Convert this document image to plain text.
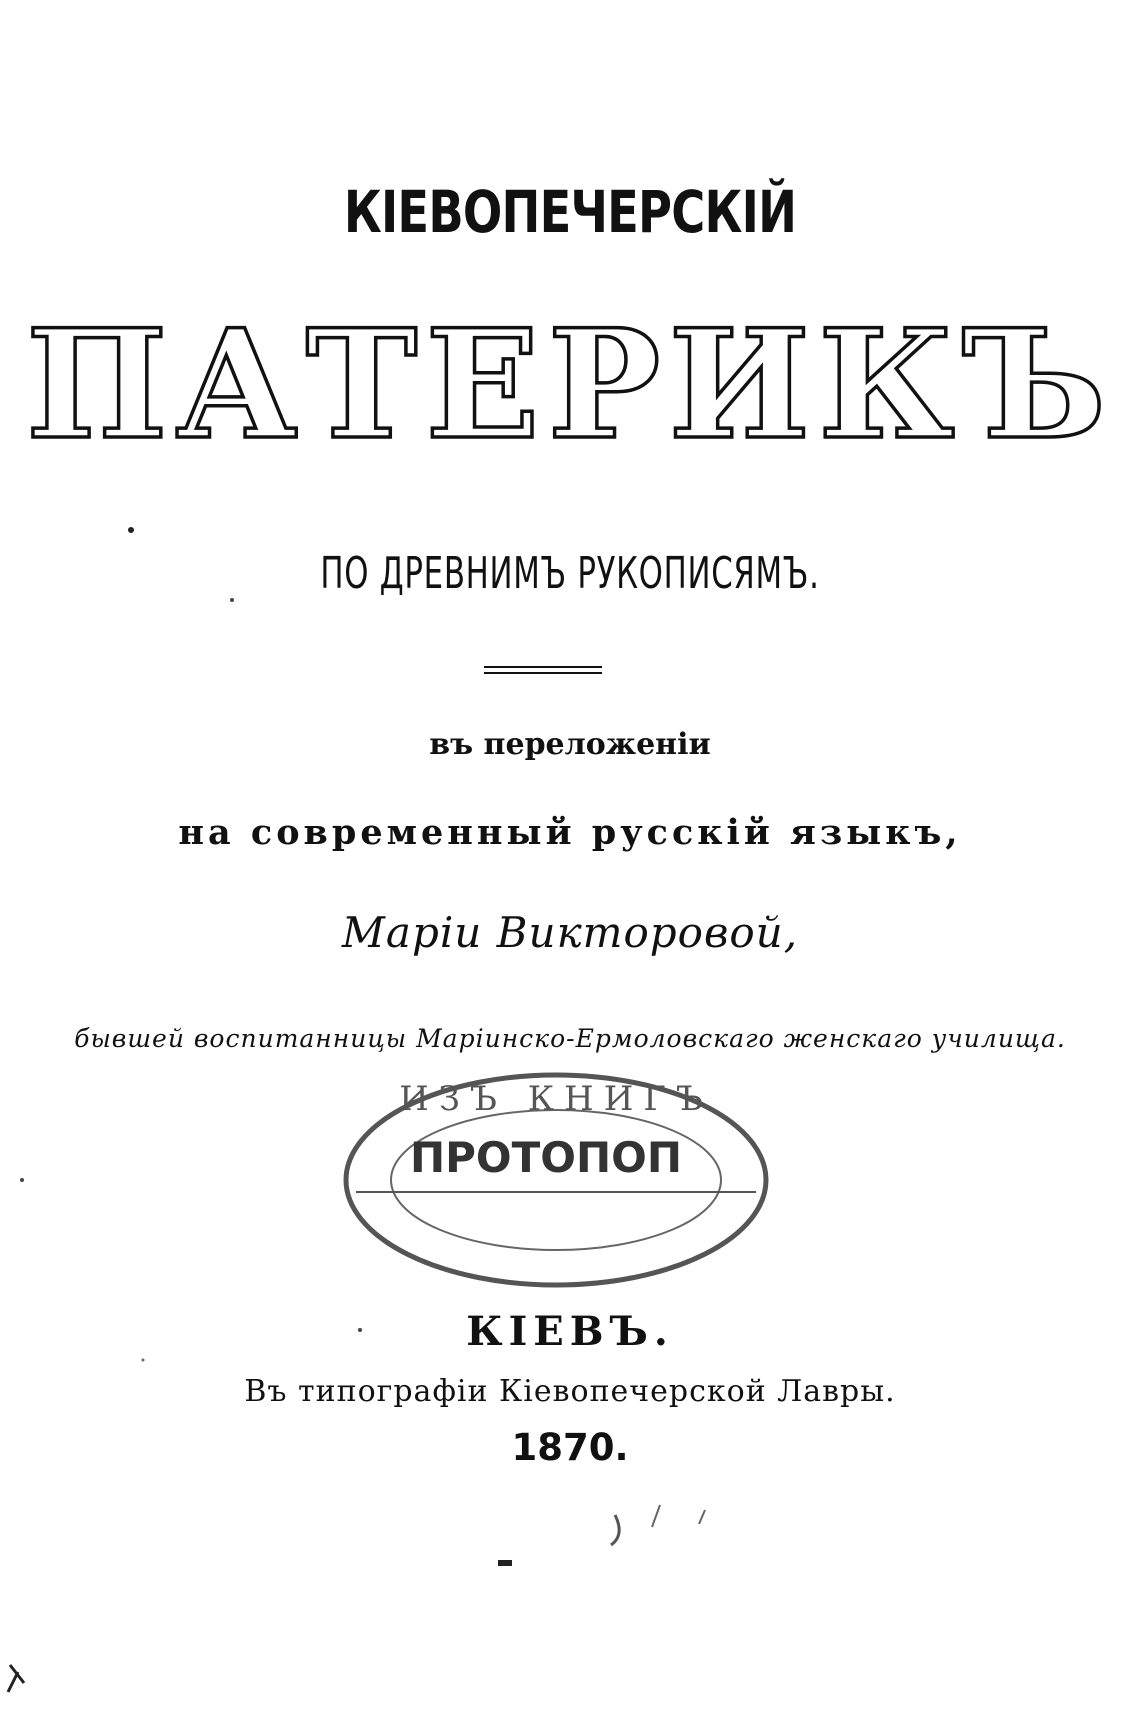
КІЕВОПЕЧЕРСКІЙ
ПАТЕРИКЪ
ПО ДРЕВНИМЪ РУКОПИСЯМЪ.
въ переложеніи
на современный русскій языкъ,
Маріи Викторовой,
бывшей воспитанницы Маріинско-Ермоловскаго женскаго училища.
ИЗЪ КНИГЪ
ПРОТОПОП
КІЕВЪ.
Въ типографіи Кіевопечерской Лавры.
1870.
